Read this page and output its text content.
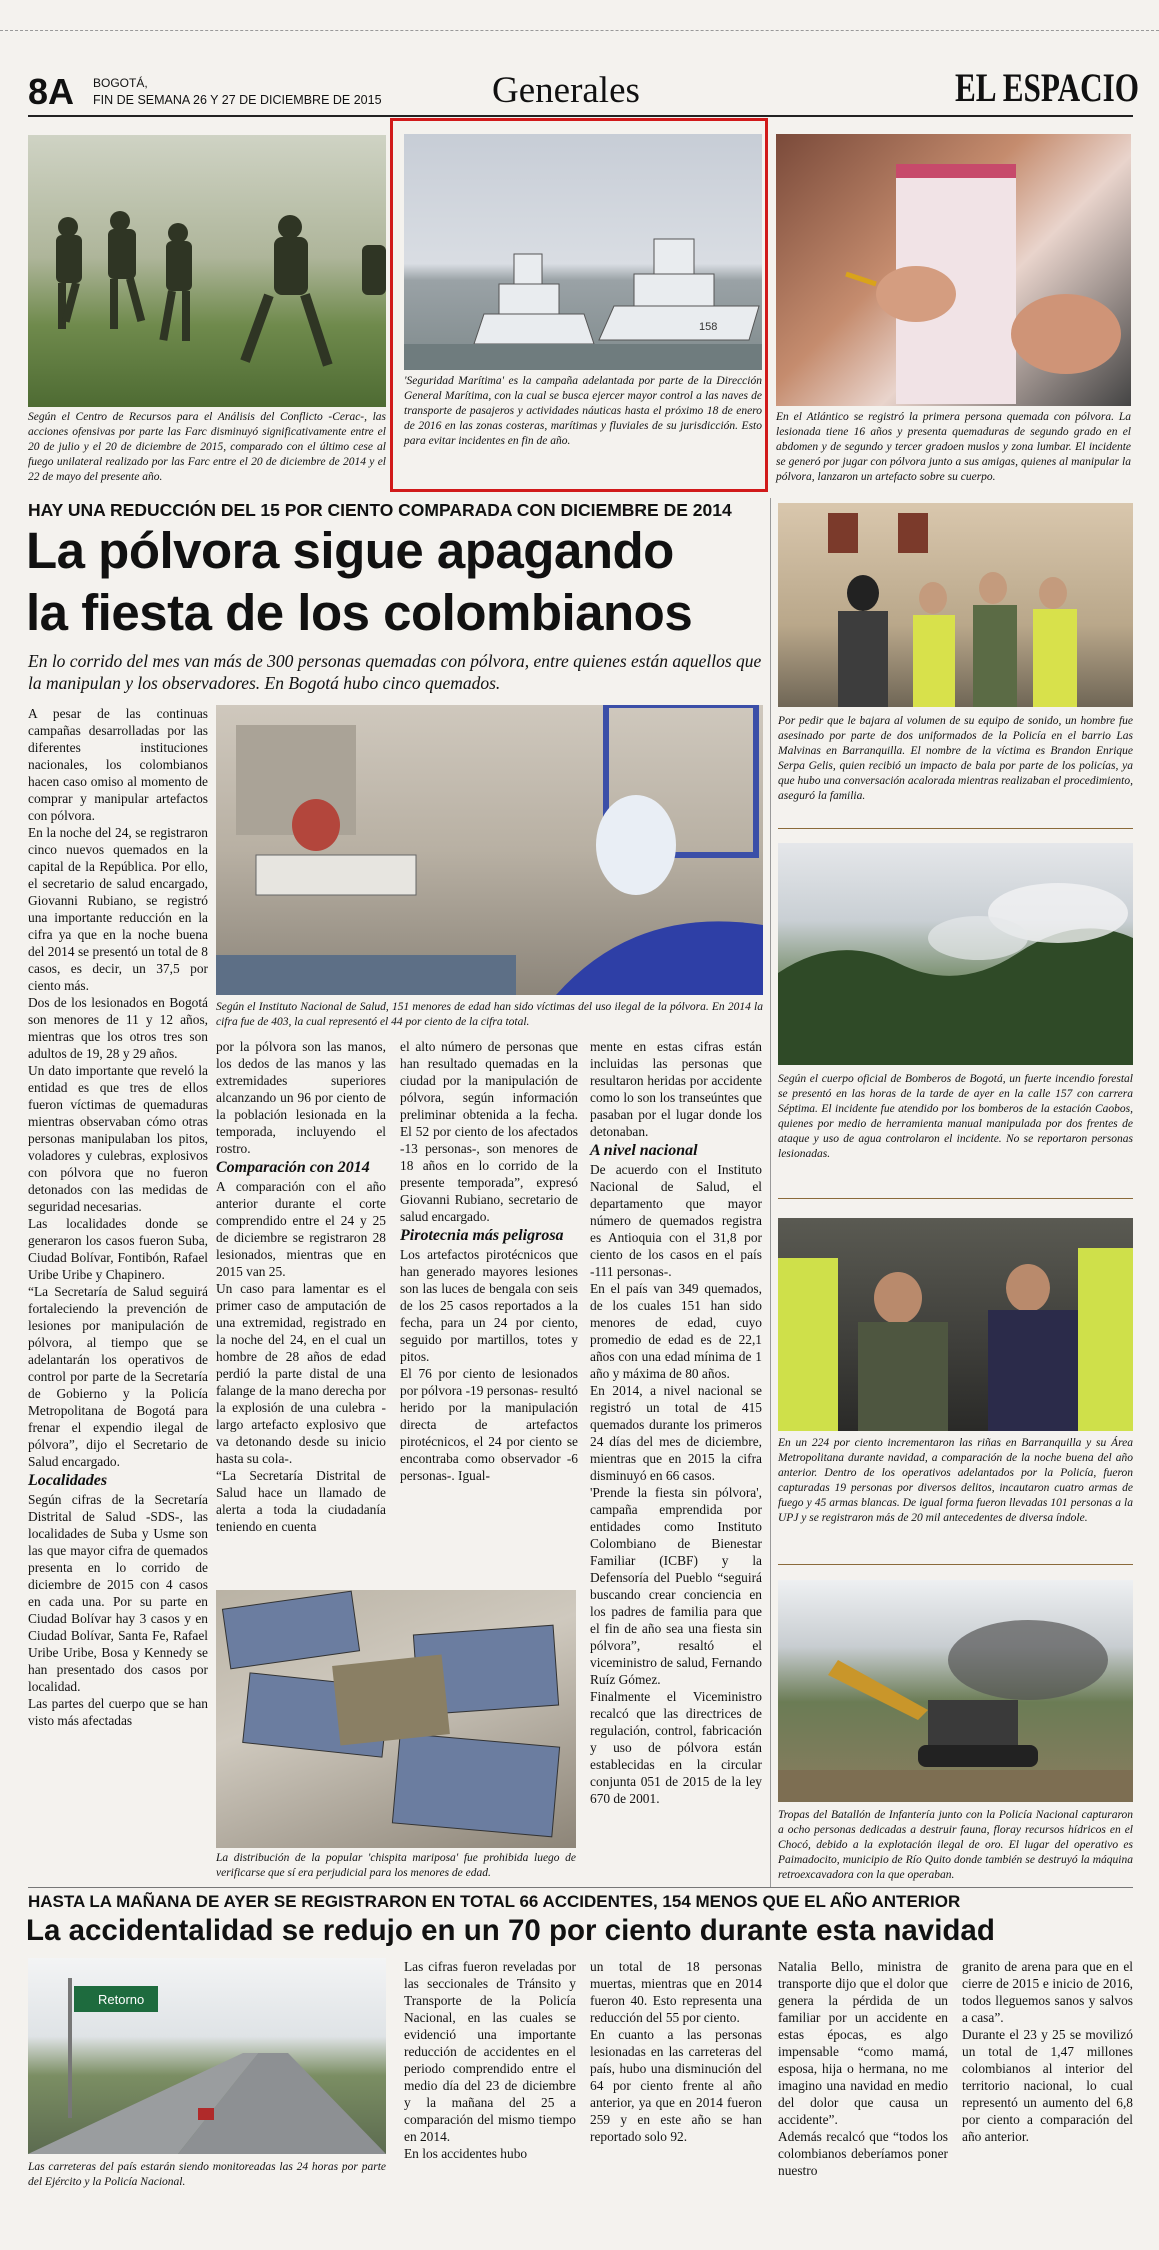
8A BOGOTÁ,
FIN DE SEMANA 26 Y 27 DE DICIEMBRE DE 2015	Generales	EL ESPACIO
Según el Centro de Recursos para el Análisis del Conflicto -Cerac-, las acciones ofensivas por parte las Farc disminuyó significativamente entre el 20 de julio y el 20 de diciembre de 2015, comparado con el último cese al fuego unilateral realizado por las Farc entre el 20 de diciembre de 2014 y el 22 de mayo del presente año.
158
'Seguridad Marítima' es la campaña adelantada por parte de la Dirección General Marítima, con la cual se busca ejercer mayor control a las naves de transporte de pasajeros y actividades náuticas hasta el próximo 18 de enero de 2016 en las zonas costeras, marítimas y fluviales de su jurisdicción. Esto para evitar incidentes en fin de año.
En el Atlántico se registró la primera persona quemada con pólvora. La lesionada tiene 16 años y presenta quemaduras de segundo grado en el abdomen y de segundo y tercer gradoen muslos y zona lumbar. El incidente se generó por jugar con pólvora junto a sus amigas, quienes al manipular la pólvora, lanzaron un artefacto sobre su cuerpo.
HAY UNA REDUCCIÓN DEL 15 POR CIENTO COMPARADA CON DICIEMBRE DE 2014
La pólvora sigue apagando
la fiesta de los colombianos
En lo corrido del mes van más de 300 personas quemadas con pólvora, entre quienes están aquellos que la manipulan y los observadores. En Bogotá hubo cinco quemados.
Según el Instituto Nacional de Salud, 151 menores de edad han sido víctimas del uso ilegal de la pólvora. En 2014 la cifra fue de 403, la cual representó el 44 por ciento de la cifra total.

A pesar de las continuas campañas desarrolladas por las diferentes instituciones nacionales, los colombianos hacen caso omiso al momento de comprar y manipular artefactos con pólvora.

En la noche del 24, se registraron cinco nuevos quemados en la capital de la República. Por ello, el secretario de salud encargado, Giovanni Rubiano, se registró una importante reducción en la cifra ya que en la noche buena del 2014 se presentó un total de 8 casos, es decir, un 37,5 por ciento más.

Dos de los lesionados en Bogotá son menores de 11 y 12 años, mientras que los otros tres son adultos de 19, 28 y 29 años.

Un dato importante que reveló la entidad es que tres de ellos fueron víctimas de quemaduras mientras observaban cómo otras personas manipulaban los pitos, voladores y culebras, explosivos con pólvora que no fueron detonados con las medidas de seguridad necesarias.

Las localidades donde se generaron los casos fueron Suba, Ciudad Bolívar, Fontibón, Rafael Uribe Uribe y Chapinero.

“La Secretaría de Salud seguirá fortaleciendo la prevención de lesiones por manipulación de pólvora, al tiempo que se adelantarán los operativos de control por parte de la Secretaría de Gobierno y la Policía Metropolitana de Bogotá para frenar el expendio ilegal de pólvora”, dijo el Secretario de Salud encargado.

Localidades

Según cifras de la Secretaría Distrital de Salud -SDS-, las localidades de Suba y Usme son las que mayor cifra de quemados presenta en lo corrido de diciembre de 2015 con 4 casos en cada una. Por su parte en Ciudad Bolívar hay 3 casos y en Ciudad Bolívar, Santa Fe, Rafael Uribe Uribe, Bosa y Kennedy se han presentado dos casos por localidad.

Las partes del cuerpo que se han visto más afectadas

por la pólvora son las manos, los dedos de las manos y las extremidades superiores alcanzando un 96 por ciento de la población lesionada en la temporada, incluyendo el rostro.

Comparación con 2014

A comparación con el año anterior durante el corte comprendido entre el 24 y 25 de diciembre se registraron 28 lesionados, mientras que en 2015 van 25.

Un caso para lamentar es el primer caso de amputación de una extremidad, registrado en la noche del 24, en el cual un hombre de 28 años de edad perdió la parte distal de una falange de la mano derecha por la explosión de una culebra -largo artefacto explosivo que va detonando desde su inicio hasta su cola-.

“La Secretaría Distrital de Salud hace un llamado de alerta a toda la ciudadanía teniendo en cuenta

el alto número de personas que han resultado quemadas en la ciudad por la manipulación de pólvora, según información preliminar obtenida a la fecha. El 52 por ciento de los afectados -13 personas-, son menores de 18 años en lo corrido de la presente temporada”, expresó Giovanni Rubiano, secretario de salud encargado.

Pirotecnia más peligrosa

Los artefactos pirotécnicos que han generado mayores lesiones son las luces de bengala con seis de los 25 casos reportados a la fecha, para un 24 por ciento, seguido por martillos, totes y pitos.

El 76 por ciento de lesionados por pólvora -19 personas- resultó herido por la manipulación directa de artefactos pirotécnicos, el 24 por ciento se encontraba como observador -6 personas-. Igual-

mente en estas cifras están incluidas las personas que resultaron heridas por accidente como lo son los transeúntes que pasaban por el lugar donde los detonaban.

A nivel nacional

De acuerdo con el Instituto Nacional de Salud, el departamento que mayor número de quemados registra es Antioquia con el 31,8 por ciento de los casos en el país -111 personas-.

En el país van 349 quemados, de los cuales 151 han sido menores de edad, cuyo promedio de edad es de 22,1 años con una edad mínima de 1 año y máxima de 80 años.

En 2014, a nivel nacional se registró un total de 415 quemados durante los primeros 24 días del mes de diciembre, mientras que en 2015 la cifra disminuyó en 66 casos.

'Prende la fiesta sin pólvora', campaña emprendida por entidades como Instituto Colombiano de Bienestar Familiar (ICBF) y la Defensoría del Pueblo “seguirá buscando crear conciencia en los padres de familia para que el fin de año sea una fiesta sin pólvora”, resaltó el viceministro de salud, Fernando Ruíz Gómez.

Finalmente el Viceministro recalcó que las directrices de regulación, control, fabricación y uso de pólvora están establecidas en la circular conjunta 051 de 2015 de la ley 670 de 2001.

La distribución de la popular 'chispita mariposa' fue prohibida luego de verificarse que sí era perjudicial para los menores de edad.
Por pedir que le bajara al volumen de su equipo de sonido, un hombre fue asesinado por parte de dos uniformados de la Policía en el barrio Las Malvinas en Barranquilla. El nombre de la víctima es Brandon Enrique Serpa Gelis, quien recibió un impacto de bala por parte de los policías, ya que hubo una conversación acalorada mientras realizaban el procedimiento, aseguró la familia.
Según el cuerpo oficial de Bomberos de Bogotá, un fuerte incendio forestal se presentó en las horas de la tarde de ayer en la calle 157 con carrera Séptima. El incidente fue atendido por los bomberos de la estación Caobos, quienes por medio de herramienta manual manipulada por dos frentes de ataque y uso de agua controlaron el incidente. No se reportaron personas lesionadas.
En un 224 por ciento incrementaron las riñas en Barranquilla y su Área Metropolitana durante navidad, a comparación de la noche buena del año anterior. Dentro de los operativos adelantados por la Policía, fueron capturadas 19 personas por diversos delitos, incautaron cuatro armas de fuego y 45 armas blancas. De igual forma fueron llevadas 101 personas a la UPJ y se registraron más de 20 mil antecedentes de diversa índole.
Tropas del Batallón de Infantería junto con la Policía Nacional capturaron a ocho personas dedicadas a destruir fauna, floray recursos hídricos en el Chocó, debido a la explotación ilegal de oro. El lugar del operativo es Paimadocito, municipio de Río Quito donde también se destruyó la máquina retroexcavadora con la que operaban.
HASTA LA MAÑANA DE AYER SE REGISTRARON EN TOTAL 66 ACCIDENTES, 154 MENOS QUE EL AÑO ANTERIOR
La accidentalidad se redujo en un 70 por ciento durante esta navidad
Retorno
Las carreteras del país estarán siendo monitoreadas las 24 horas por parte del Ejército y la Policía Nacional.

Las cifras fueron reveladas por las seccionales de Tránsito y Transporte de la Policía Nacional, en las cuales se evidenció una importante reducción de accidentes en el periodo comprendido entre el medio día del 23 de diciembre y la mañana del 25 a comparación del mismo tiempo en 2014.

En los accidentes hubo

un total de 18 personas muertas, mientras que en 2014 fueron 40. Esto representa una reducción del 55 por ciento.

En cuanto a las personas lesionadas en las carreteras del país, hubo una disminución del 64 por ciento frente al año anterior, ya que en 2014 fueron 259 y en este año se han reportado solo 92.

Natalia Bello, ministra de transporte dijo que el dolor que genera la pérdida de un familiar por un accidente en estas épocas, es algo impensable “como mamá, esposa, hija o hermana, no me imagino una navidad en medio del dolor que causa un accidente”.

Además recalcó que “todos los colombianos deberíamos poner nuestro

granito de arena para que en el cierre de 2015 e inicio de 2016, todos lleguemos sanos y salvos a casa”.

Durante el 23 y 25 se movilizó un total de 1,47 millones colombianos al interior del territorio nacional, lo cual representó un aumento del 6,8 por ciento a comparación del año anterior.
